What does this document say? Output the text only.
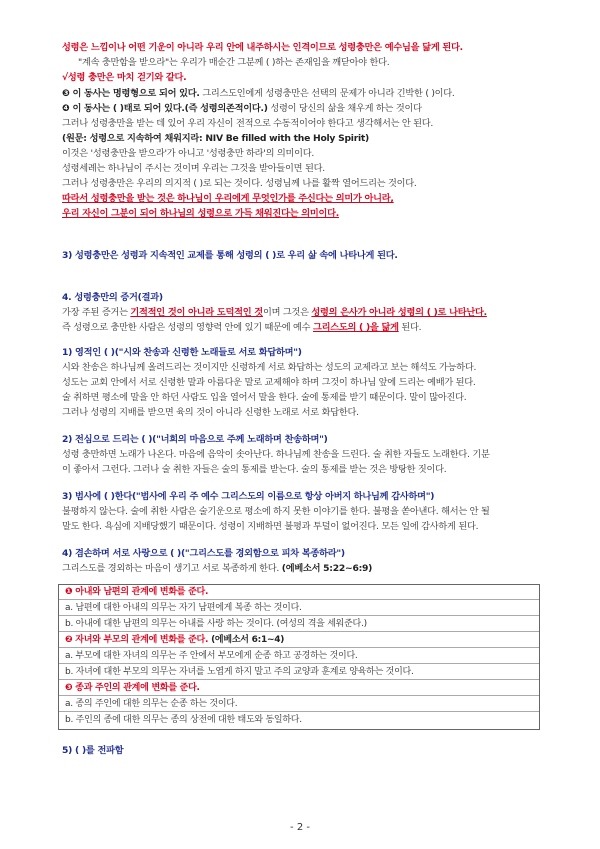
성령은 느낌이나 어떤 기운이 아니라 우리 안에 내주하시는 인격이므로 성령충만은 예수님을 닮게 된다.
"계속 충만함을 받으라"는 우리가 매순간 그분께 ( )하는 존재임을 깨닫아야 한다.
√성령 충만은 마치 걷기와 같다.
❸ 이 동사는 명령형으로 되어 있다. 그리스도인에게 성령충만은 선택의 문제가 아니라 긴박한 ( )이다.
❹ 이 동사는 ( )태로 되어 있다.(즉 성령의존적이다.) 성령이 당신의 삶을 채우게 하는 것이다
그러나 성령충만을 받는 데 있어 우리 자신이 전적으로 수동적이어야 한다고 생각해서는 안 된다.
(원문: 성령으로 지속하여 채워지라: NIV Be filled with the Holy Spirit)
이것은 '성령충만을 받으라'가 아니고 '성령충만 하라'의 의미이다.
성령세례는 하나님이 주시는 것이며 우리는 그것을 받아들이면 된다.
그러나 성령충만은 우리의 의지적 ( )로 되는 것이다. 성령님께 나를 활짝 열어드리는 것이다.
따라서 성령충만을 받는 것은 하나님이 우리에게 무엇인가를 주신다는 의미가 아니라,
우리 자신이 그분이 되어 하나님의 성령으로 가득 채워진다는 의미이다.
3) 성령충만은 성령과 지속적인 교제를 통해 성령의 ( )로 우리 삶 속에 나타나게 된다.
4. 성령충만의 증거(결과)
가장 주된 증거는 기적적인 것이 아니라 도덕적인 것이며 그것은 성령의 은사가 아니라 성령의 ( )로 나타난다.
즉 성령으로 충만한 사람은 성령의 영향력 안에 있기 때문에 예수 그리스도의 ( )을 닮게 된다.
1) 영적인 ( )("시와 찬송과 신령한 노래들로 서로 화답하며")
시와 찬송은 하나님께 올려드리는 것이지만 신령하게 서로 화답하는 성도의 교제라고 보는 해석도 가능하다.
성도는 교회 안에서 서로 신령한 말과 아름다운 말로 교제해야 하며 그것이 하나님 앞에 드리는 예배가 된다.
술 취하면 평소에 말을 안 하던 사람도 입을 열어서 말을 한다. 술에 통제를 받기 때문이다. 말이 많아진다.
그러나 성령의 지배를 받으면 육의 것이 아니라 신령한 노래로 서로 화답한다.
2) 전심으로 드리는 ( )("너희의 마음으로 주께 노래하며 찬송하며")
성령 충만하면 노래가 나온다. 마음에 음악이 솟아난다. 하나님께 찬송을 드린다. 술 취한 자들도 노래한다. 기분
이 좋아서 그런다. 그러나 술 취한 자들은 술의 통제를 받는다. 술의 통제를 받는 것은 방탕한 짓이다.
3) 범사에 ( )한다("범사에 우리 주 예수 그리스도의 이름으로 항상 아버지 하나님께 감사하며")
불평하지 않는다. 술에 취한 사람은 술기운으로 평소에 하지 못한 이야기를 한다. 불평을 쏟아낸다. 해서는 안 될
말도 한다. 욕심에 지배당했기 때문이다. 성령이 지배하면 불평과 투덜이 없어진다. 모든 일에 감사하게 된다.
4) 겸손하며 서로 사랑으로 ( )("그리스도를 경외함으로 피차 복종하라")
그리스도를 경외하는 마음이 생기고 서로 복종하게 한다. (에베소서 5:22~6:9)
❶ 아내와 남편의 관계에 변화를 준다.
a. 남편에 대한 아내의 의무는 자기 남편에게 복종 하는 것이다.
b. 아내에 대한 남편의 의무는 아내를 사랑 하는 것이다. (여성의 격을 세워준다.)
❷ 자녀와 부모의 관계에 변화를 준다. (에베소서 6:1~4)
a. 부모에 대한 자녀의 의무는 주 안에서 부모에게 순종 하고 공경하는 것이다.
b. 자녀에 대한 부모의 의무는 자녀를 노엽게 하지 말고 주의 교양과 훈계로 양육하는 것이다.
❸ 종과 주인의 관계에 변화를 준다.
a. 종의 주인에 대한 의무는 순종 하는 것이다.
b. 주인의 종에 대한 의무는 종의 상전에 대한 태도와 동일하다.
5) ( )를 전파함
- 2 -
